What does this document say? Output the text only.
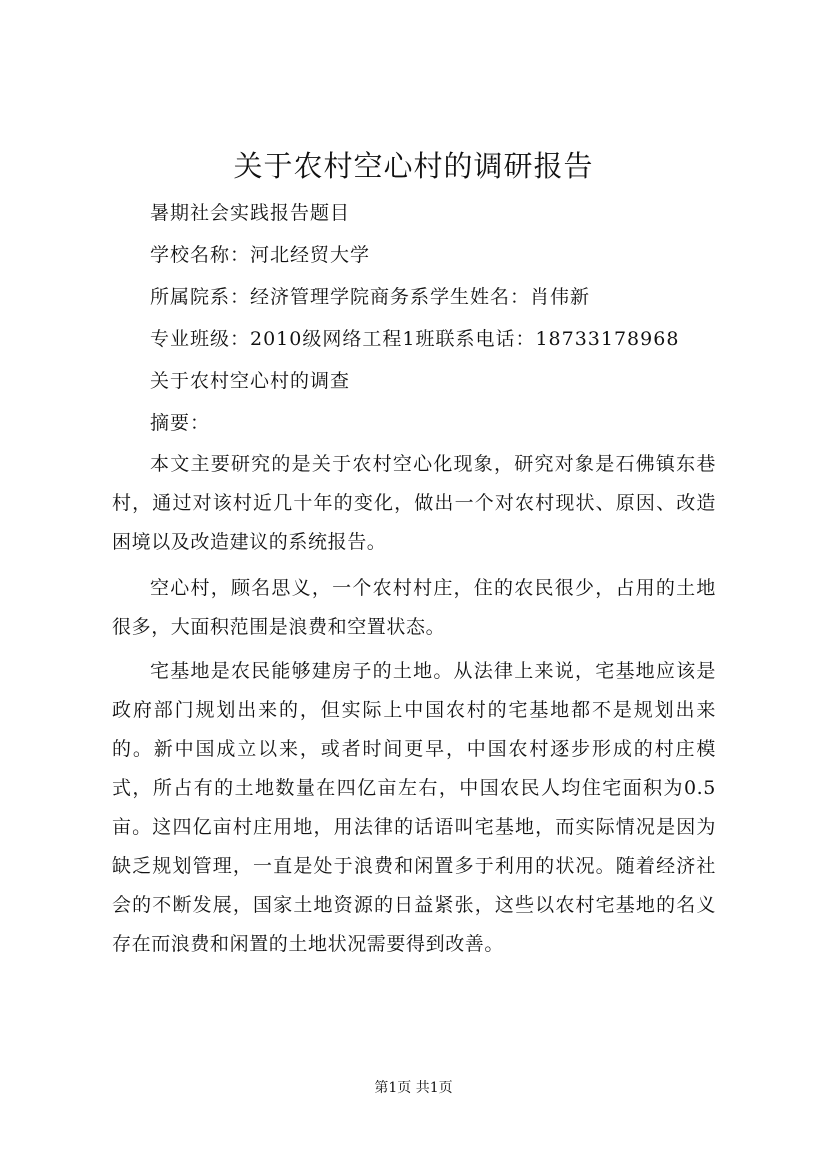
关于农村空心村的调研报告
暑期社会实践报告题目
学校名称：河北经贸大学
所属院系：经济管理学院商务系学生姓名：肖伟新
专业班级：2010级网络工程1班联系电话：18733178968
关于农村空心村的调查
摘要：

本文主要研究的是关于农村空心化现象，研究对象是石佛镇东巷村，通过对该村近几十年的变化，做出一个对农村现状、原因、改造困境以及改造建议的系统报告。

空心村，顾名思义，一个农村村庄，住的农民很少，占用的土地很多，大面积范围是浪费和空置状态。

宅基地是农民能够建房子的土地。从法律上来说，宅基地应该是政府部门规划出来的，但实际上中国农村的宅基地都不是规划出来的。新中国成立以来，或者时间更早，中国农村逐步形成的村庄模式，所占有的土地数量在四亿亩左右，中国农民人均住宅面积为0.5亩。这四亿亩村庄用地，用法律的话语叫宅基地，而实际情况是因为缺乏规划管理，一直是处于浪费和闲置多于利用的状况。随着经济社会的不断发展，国家土地资源的日益紧张，这些以农村宅基地的名义存在而浪费和闲置的土地状况需要得到改善。

第1页 共1页
